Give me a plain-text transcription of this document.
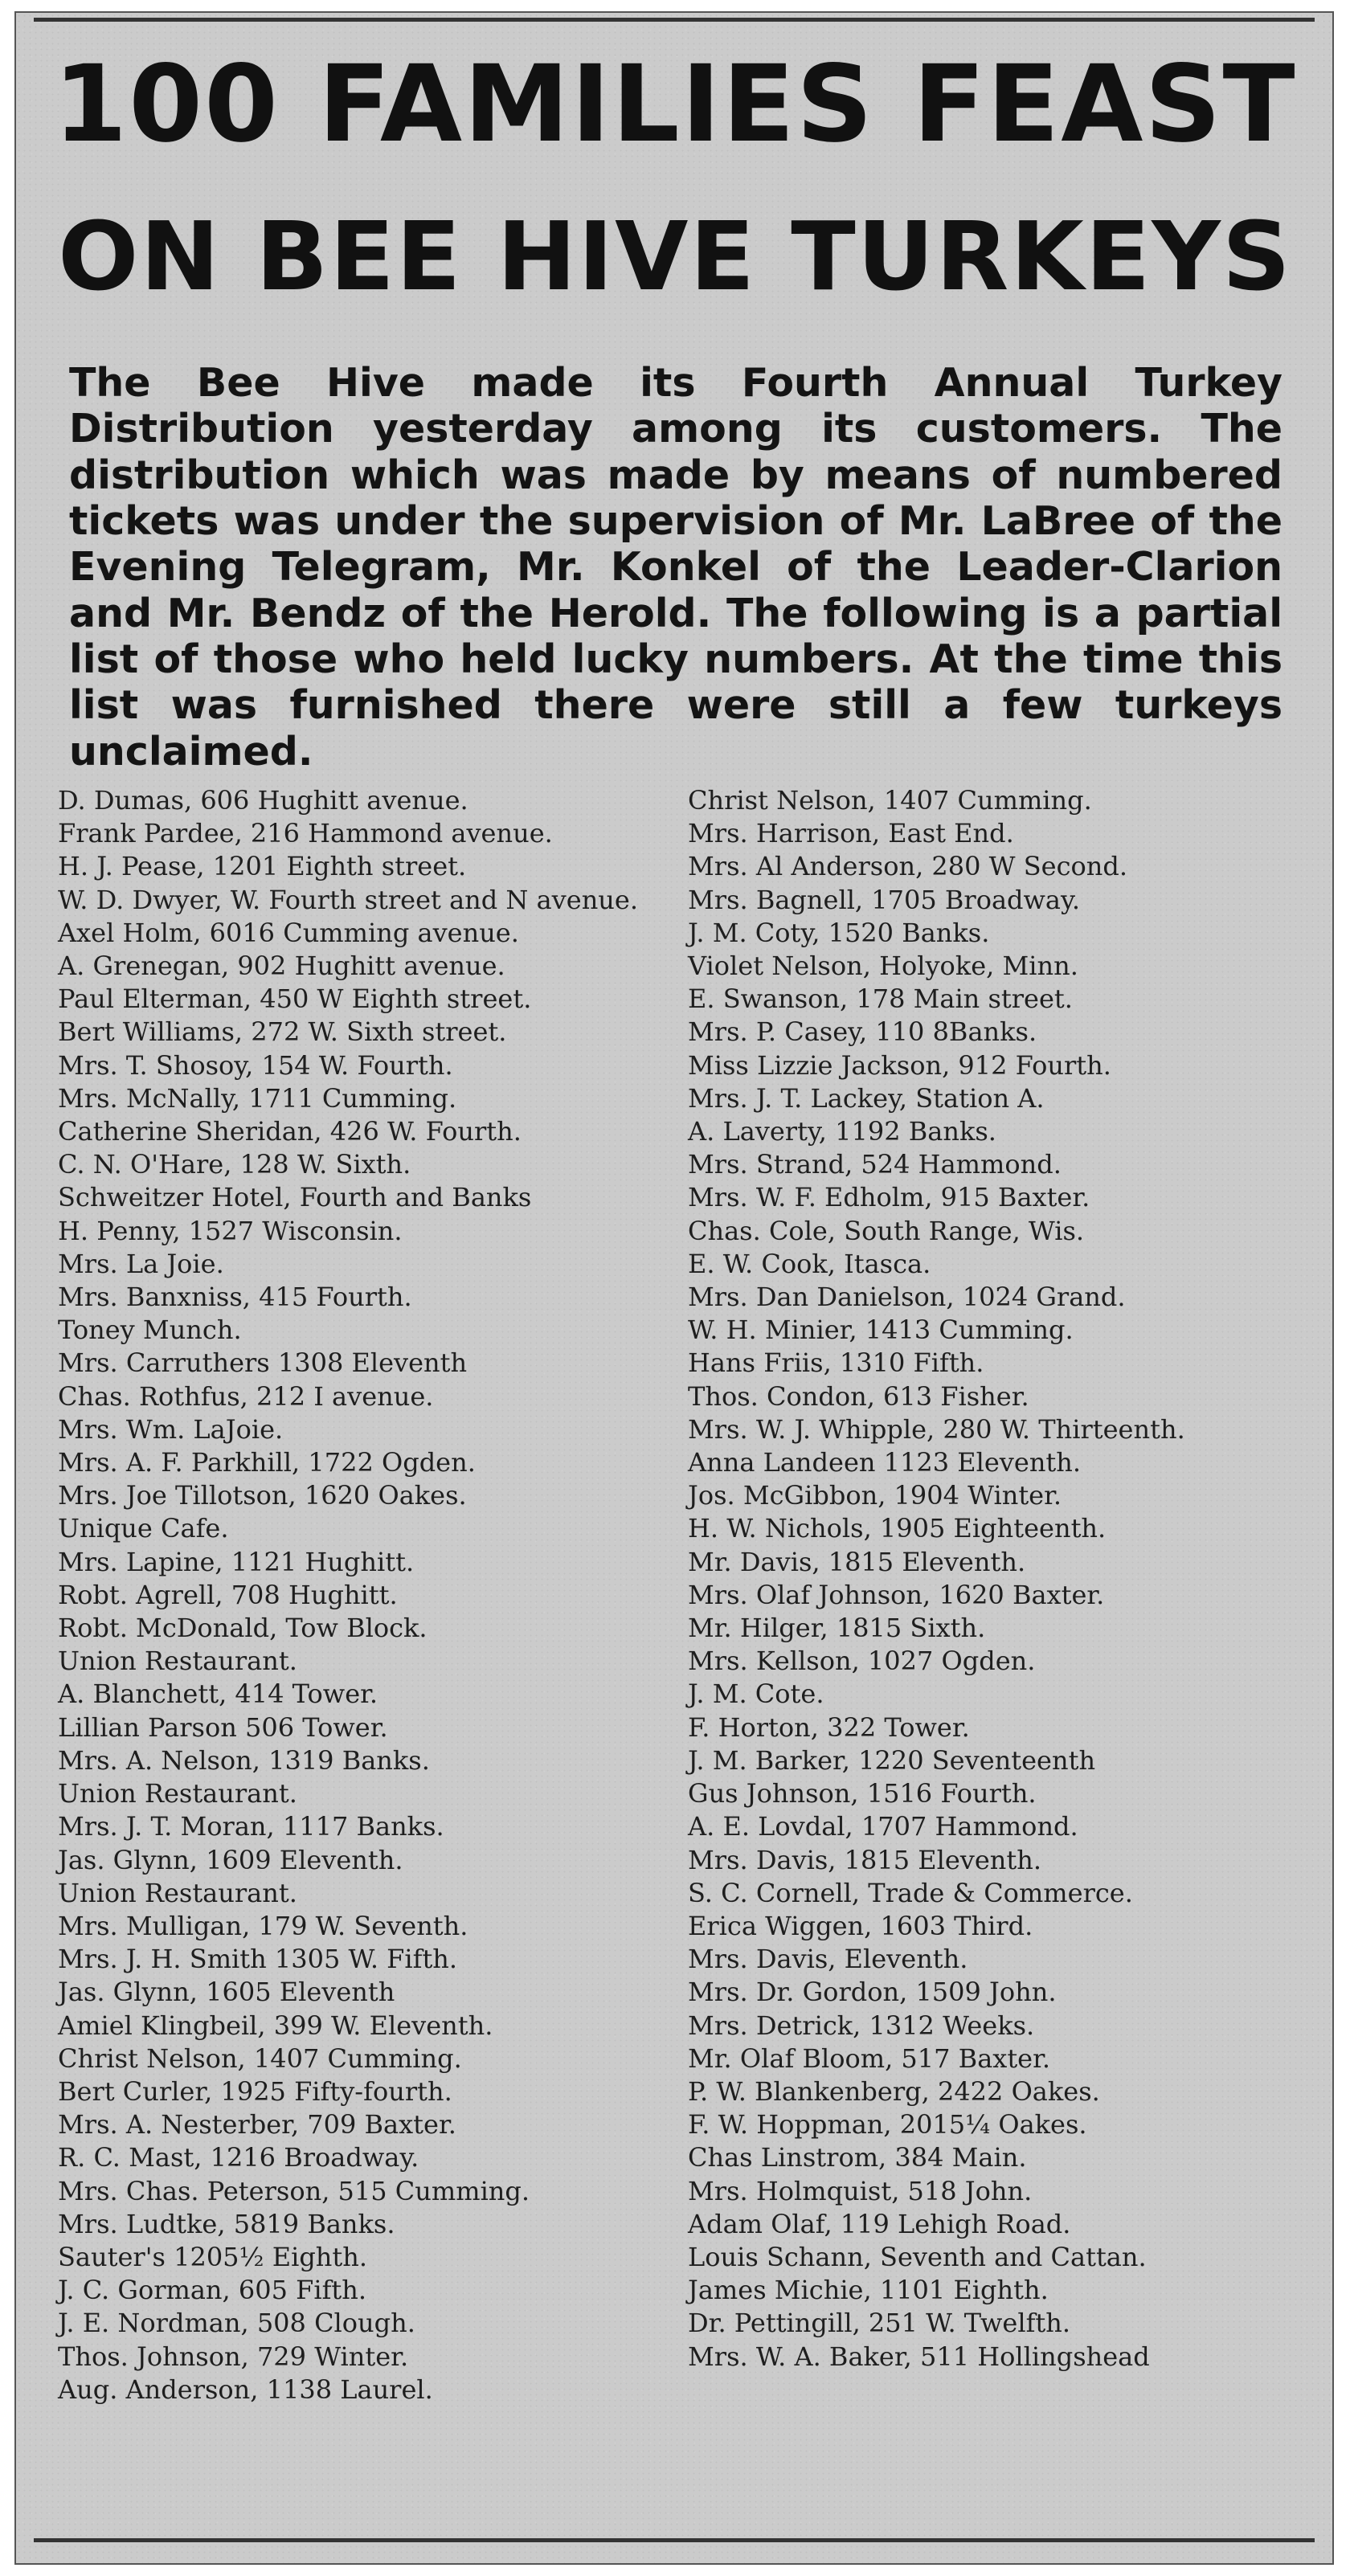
100 FAMILIES FEAST
ON BEE HIVE TURKEYS
The Bee Hive made its Fourth Annual Turkey Distribution yesterday among its customers. The distribution which was made by means of numbered tickets was under the supervision of Mr. LaBree of the Evening Telegram, Mr. Konkel of the Leader-Clarion and Mr. Bendz of the Herold. The following is a partial list of those who held lucky numbers. At the time this list was furnished there were still a few turkeys unclaimed.
D. Dumas, 606 Hughitt avenue.
Frank Pardee, 216 Hammond avenue.
H. J. Pease, 1201 Eighth street.
W. D. Dwyer, W. Fourth street and N avenue.
Axel Holm, 6016 Cumming avenue.
A. Grenegan, 902 Hughitt avenue.
Paul Elterman, 450 W Eighth street.
Bert Williams, 272 W. Sixth street.
Mrs. T. Shosoy, 154 W. Fourth.
Mrs. McNally, 1711 Cumming.
Catherine Sheridan, 426 W. Fourth.
C. N. O'Hare, 128 W. Sixth.
Schweitzer Hotel, Fourth and Banks
H. Penny, 1527 Wisconsin.
Mrs. La Joie.
Mrs. Banxniss, 415 Fourth.
Toney Munch.
Mrs. Carruthers 1308 Eleventh
Chas. Rothfus, 212 I avenue.
Mrs. Wm. LaJoie.
Mrs. A. F. Parkhill, 1722 Ogden.
Mrs. Joe Tillotson, 1620 Oakes.
Unique Cafe.
Mrs. Lapine, 1121 Hughitt.
Robt. Agrell, 708 Hughitt.
Robt. McDonald, Tow Block.
Union Restaurant.
A. Blanchett, 414 Tower.
Lillian Parson 506 Tower.
Mrs. A. Nelson, 1319 Banks.
Union Restaurant.
Mrs. J. T. Moran, 1117 Banks.
Jas. Glynn, 1609 Eleventh.
Union Restaurant.
Mrs. Mulligan, 179 W. Seventh.
Mrs. J. H. Smith 1305 W. Fifth.
Jas. Glynn, 1605 Eleventh
Amiel Klingbeil, 399 W. Eleventh.
Christ Nelson, 1407 Cumming.
Bert Curler, 1925 Fifty-fourth.
Mrs. A. Nesterber, 709 Baxter.
R. C. Mast, 1216 Broadway.
Mrs. Chas. Peterson, 515 Cumming.
Mrs. Ludtke, 5819 Banks.
Sauter's 1205½ Eighth.
J. C. Gorman, 605 Fifth.
J. E. Nordman, 508 Clough.
Thos. Johnson, 729 Winter.
Aug. Anderson, 1138 Laurel.
Christ Nelson, 1407 Cumming.
Mrs. Harrison, East End.
Mrs. Al Anderson, 280 W Second.
Mrs. Bagnell, 1705 Broadway.
J. M. Coty, 1520 Banks.
Violet Nelson, Holyoke, Minn.
E. Swanson, 178 Main street.
Mrs. P. Casey, 110 8Banks.
Miss Lizzie Jackson, 912 Fourth.
Mrs. J. T. Lackey, Station A.
A. Laverty, 1192 Banks.
Mrs. Strand, 524 Hammond.
Mrs. W. F. Edholm, 915 Baxter.
Chas. Cole, South Range, Wis.
E. W. Cook, Itasca.
Mrs. Dan Danielson, 1024 Grand.
W. H. Minier, 1413 Cumming.
Hans Friis, 1310 Fifth.
Thos. Condon, 613 Fisher.
Mrs. W. J. Whipple, 280 W. Thirteenth.
Anna Landeen 1123 Eleventh.
Jos. McGibbon, 1904 Winter.
H. W. Nichols, 1905 Eighteenth.
Mr. Davis, 1815 Eleventh.
Mrs. Olaf Johnson, 1620 Baxter.
Mr. Hilger, 1815 Sixth.
Mrs. Kellson, 1027 Ogden.
J. M. Cote.
F. Horton, 322 Tower.
J. M. Barker, 1220 Seventeenth
Gus Johnson, 1516 Fourth.
A. E. Lovdal, 1707 Hammond.
Mrs. Davis, 1815 Eleventh.
S. C. Cornell, Trade & Commerce.
Erica Wiggen, 1603 Third.
Mrs. Davis, Eleventh.
Mrs. Dr. Gordon, 1509 John.
Mrs. Detrick, 1312 Weeks.
Mr. Olaf Bloom, 517 Baxter.
P. W. Blankenberg, 2422 Oakes.
F. W. Hoppman, 2015¼ Oakes.
Chas Linstrom, 384 Main.
Mrs. Holmquist, 518 John.
Adam Olaf, 119 Lehigh Road.
Louis Schann, Seventh and Cattan.
James Michie, 1101 Eighth.
Dr. Pettingill, 251 W. Twelfth.
Mrs. W. A. Baker, 511 Hollingshead
